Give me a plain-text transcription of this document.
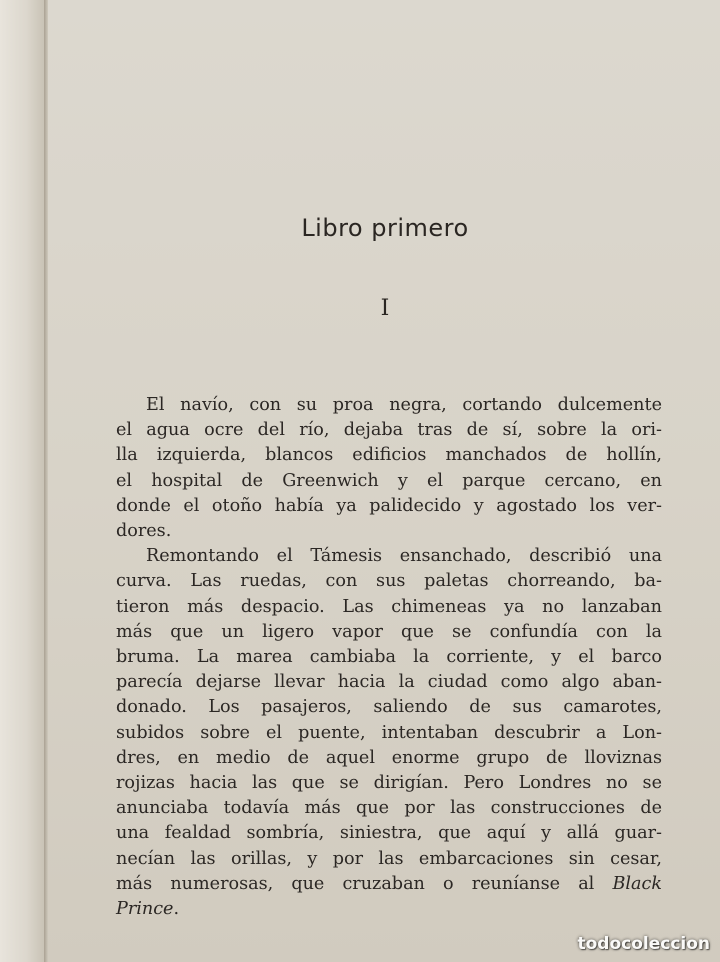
Libro primero
I
El navío, con su proa negra, cortando dulcemente
el agua ocre del río, dejaba tras de sí, sobre la ori-
lla izquierda, blancos edificios manchados de hollín,
el hospital de Greenwich y el parque cercano, en
donde el otoño había ya palidecido y agostado los ver-
dores.
Remontando el Támesis ensanchado, describió una
curva. Las ruedas, con sus paletas chorreando, ba-
tieron más despacio. Las chimeneas ya no lanzaban
más que un ligero vapor que se confundía con la
bruma. La marea cambiaba la corriente, y el barco
parecía dejarse llevar hacia la ciudad como algo aban-
donado. Los pasajeros, saliendo de sus camarotes,
subidos sobre el puente, intentaban descubrir a Lon-
dres, en medio de aquel enorme grupo de lloviznas
rojizas hacia las que se dirigían. Pero Londres no se
anunciaba todavía más que por las construcciones de
una fealdad sombría, siniestra, que aquí y allá guar-
necían las orillas, y por las embarcaciones sin cesar,
más numerosas, que cruzaban o reuníanse al Black
Prince.
todocoleccion
